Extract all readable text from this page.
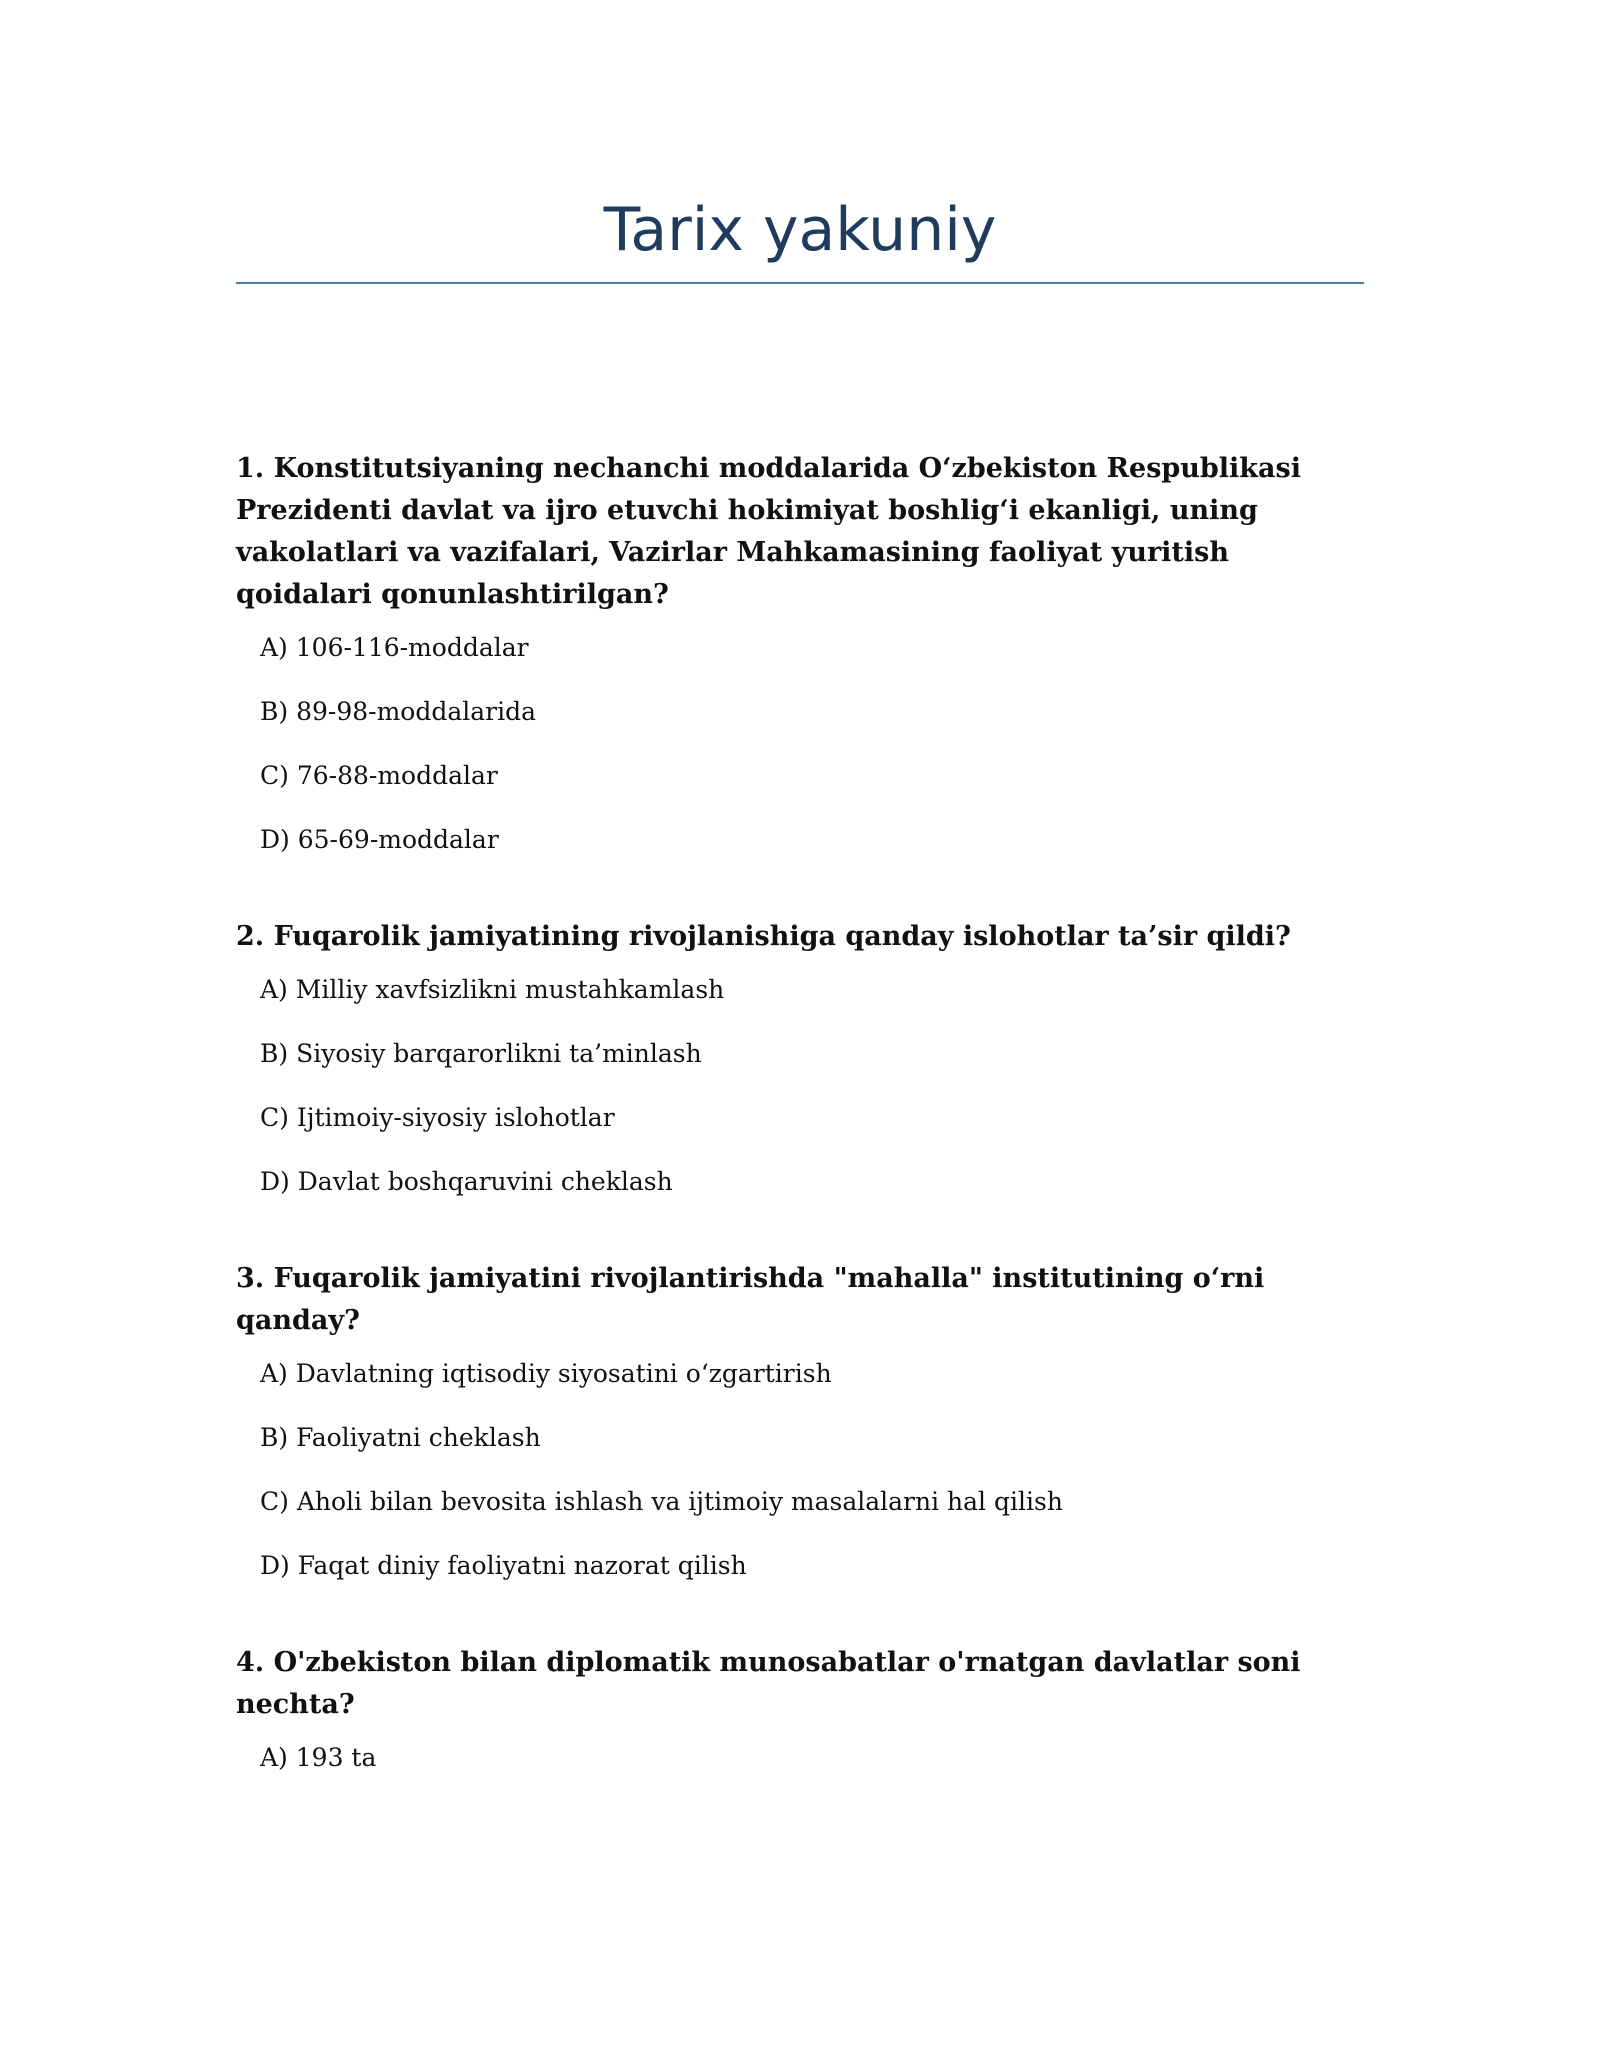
Tarix yakuniy

1. Konstitutsiyaning nechanchi moddalarida O‘zbekiston Respublikasi Prezidenti davlat va ijro etuvchi hokimiyat boshlig‘i ekanligi, uning vakolatlari va vazifalari, Vazirlar Mahkamasining faoliyat yuritish qoidalari qonunlashtirilgan?

A) 106-116-moddalar
B) 89-98-moddalarida
C) 76-88-moddalar
D) 65-69-moddalar

2. Fuqarolik jamiyatining rivojlanishiga qanday islohotlar ta’sir qildi?

A) Milliy xavfsizlikni mustahkamlash
B) Siyosiy barqarorlikni ta’minlash
C) Ijtimoiy-siyosiy islohotlar
D) Davlat boshqaruvini cheklash

3. Fuqarolik jamiyatini rivojlantirishda "mahalla" institutining o‘rni qanday?

A) Davlatning iqtisodiy siyosatini o‘zgartirish
B) Faoliyatni cheklash
C) Aholi bilan bevosita ishlash va ijtimoiy masalalarni hal qilish
D) Faqat diniy faoliyatni nazorat qilish

4. O'zbekiston bilan diplomatik munosabatlar o'rnatgan davlatlar soni nechta?

A) 193 ta
